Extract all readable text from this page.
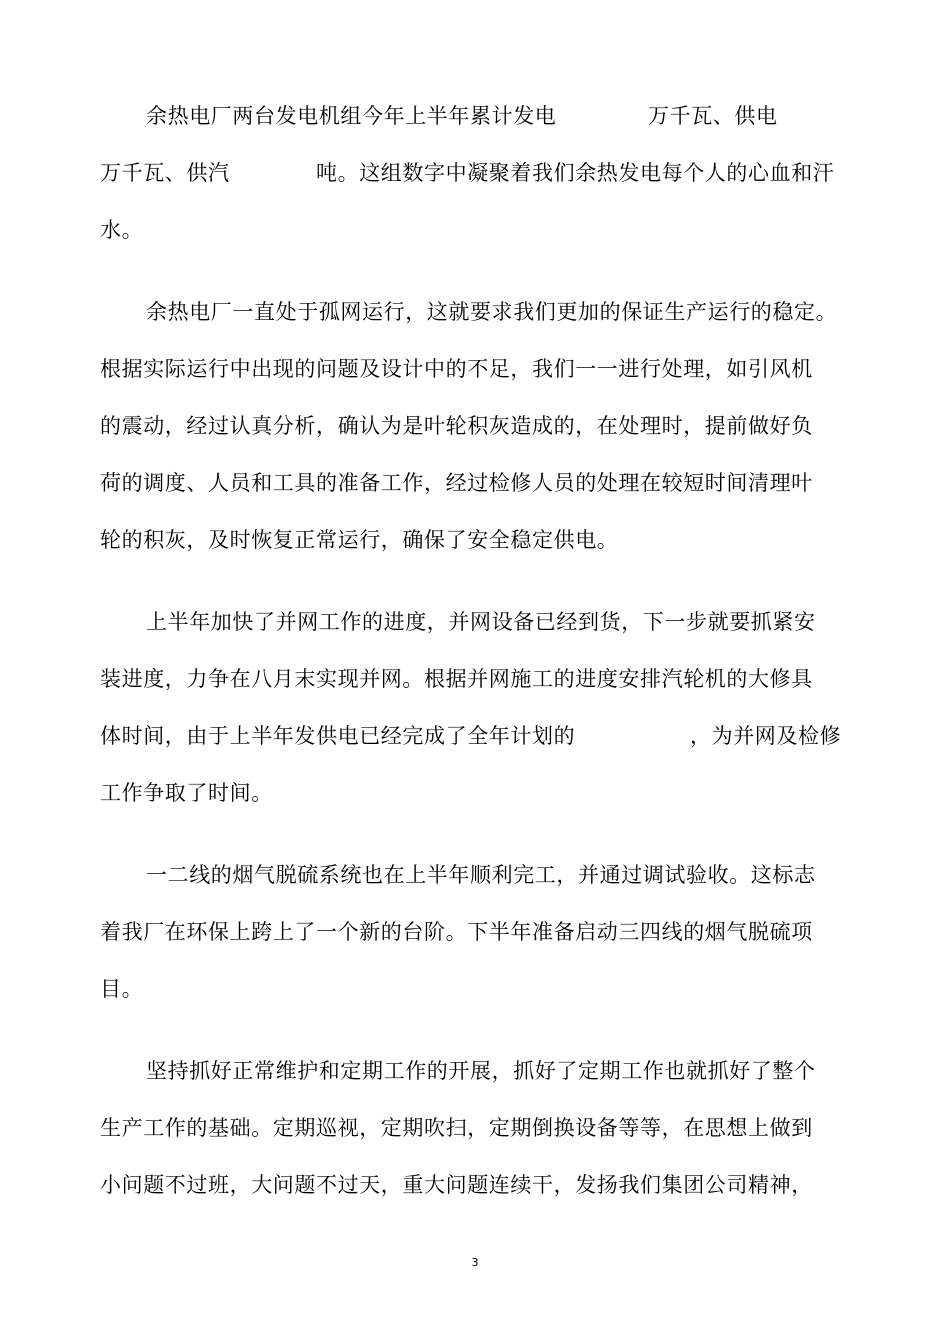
余热电厂两台发电机组今年上半年累计发电	万千瓦、供电
万千瓦、供汽	吨。这组数字中凝聚着我们余热发电每个人的心血和汗
水。
余热电厂一直处于孤网运行，这就要求我们更加的保证生产运行的稳定。
根据实际运行中出现的问题及设计中的不足，我们一一进行处理，如引风机
的震动，经过认真分析，确认为是叶轮积灰造成的，在处理时，提前做好负
荷的调度、人员和工具的准备工作，经过检修人员的处理在较短时间清理叶
轮的积灰，及时恢复正常运行，确保了安全稳定供电。
上半年加快了并网工作的进度，并网设备已经到货，下一步就要抓紧安
装进度，力争在八月末实现并网。根据并网施工的进度安排汽轮机的大修具
体时间，由于上半年发供电已经完成了全年计划的	，为并网及检修
工作争取了时间。
一二线的烟气脱硫系统也在上半年顺利完工，并通过调试验收。这标志
着我厂在环保上跨上了一个新的台阶。下半年准备启动三四线的烟气脱硫项
目。
坚持抓好正常维护和定期工作的开展，抓好了定期工作也就抓好了整个
生产工作的基础。定期巡视，定期吹扫，定期倒换设备等等，在思想上做到
小问题不过班，大问题不过天，重大问题连续干，发扬我们集团公司精神，
3
